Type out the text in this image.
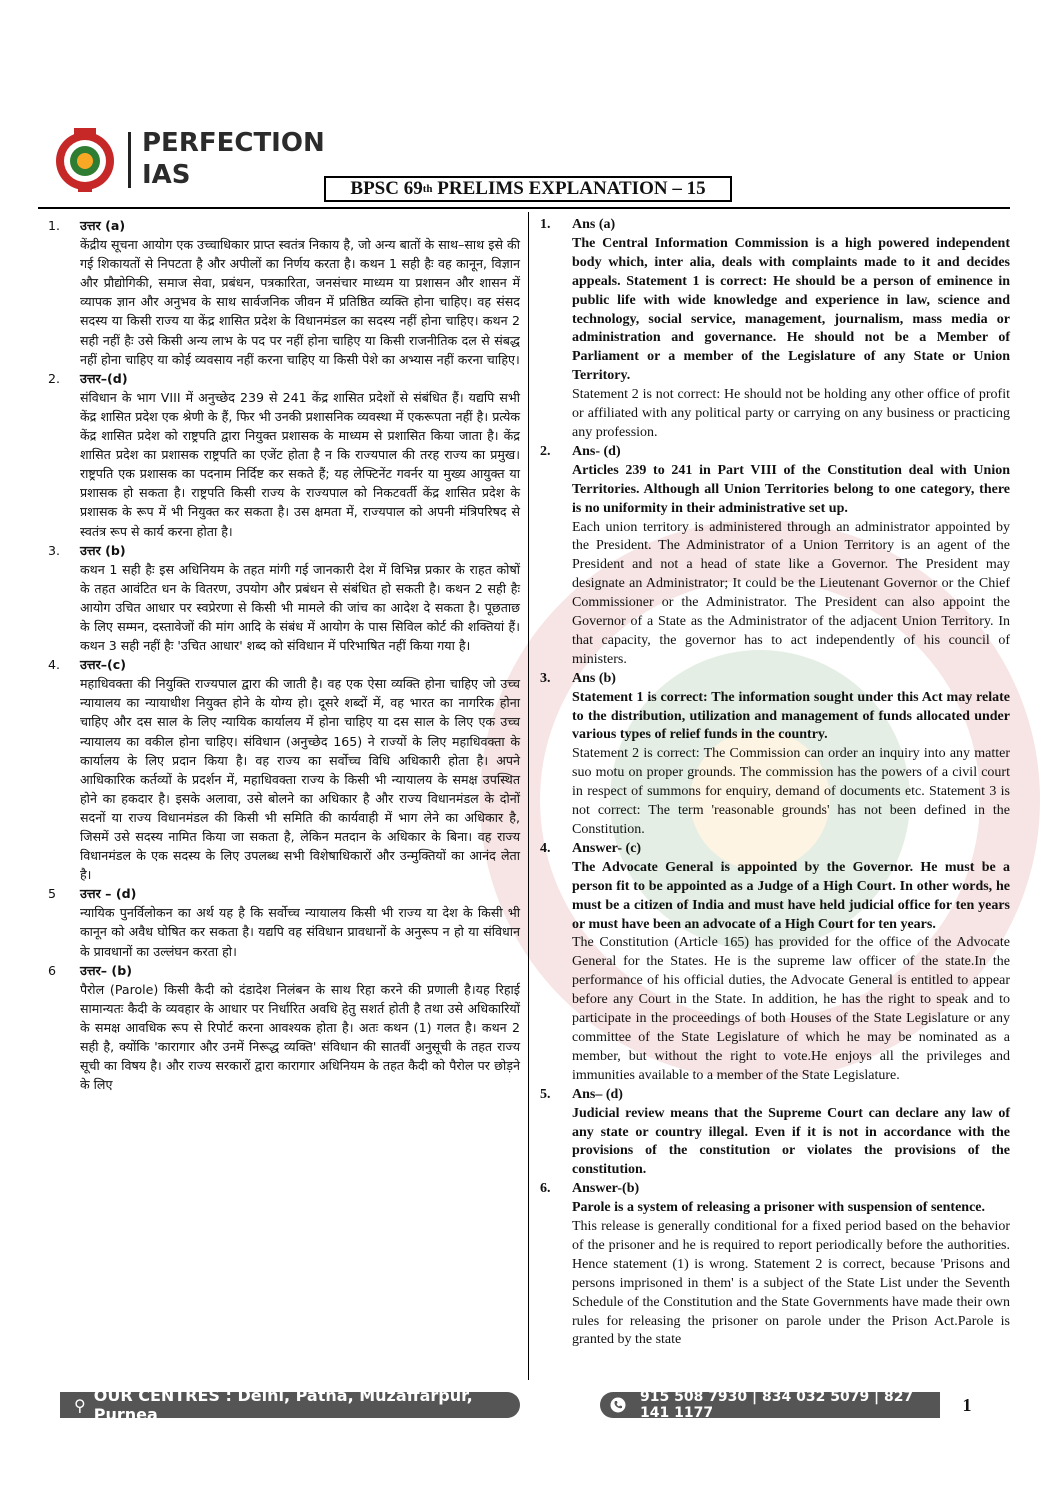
PERFECTION
IAS	BPSC 69 th PRELIMS EXPLANATION – 15
1. उत्तर (a)
केंद्रीय सूचना आयोग एक उच्चाधिकार प्राप्त स्वतंत्र निकाय है, जो अन्य बातों के साथ–साथ इसे की गई शिकायतों से निपटता है और अपीलों का निर्णय करता है। कथन 1 सही हैः वह कानून, विज्ञान और प्रौद्योगिकी, समाज सेवा, प्रबंधन, पत्रकारिता, जनसंचार माध्यम या प्रशासन और शासन में व्यापक ज्ञान और अनुभव के साथ सार्वजनिक जीवन में प्रतिष्ठित व्यक्ति होना चाहिए। वह संसद सदस्य या किसी राज्य या केंद्र शासित प्रदेश के विधानमंडल का सदस्य नहीं होना चाहिए। कथन 2 सही नहीं हैः उसे किसी अन्य लाभ के पद पर नहीं होना चाहिए या किसी राजनीतिक दल से संबद्ध नहीं होना चाहिए या कोई व्यवसाय नहीं करना चाहिए या किसी पेशे का अभ्यास नहीं करना चाहिए।
2. उत्तर–(d)
संविधान के भाग VIII में अनुच्छेद 239 से 241 केंद्र शासित प्रदेशों से संबंधित हैं। यद्यपि सभी केंद्र शासित प्रदेश एक श्रेणी के हैं, फिर भी उनकी प्रशासनिक व्यवस्था में एकरूपता नहीं है। प्रत्येक केंद्र शासित प्रदेश को राष्ट्रपति द्वारा नियुक्त प्रशासक के माध्यम से प्रशासित किया जाता है। केंद्र शासित प्रदेश का प्रशासक राष्ट्रपति का एजेंट होता है न कि राज्यपाल की तरह राज्य का प्रमुख। राष्ट्रपति एक प्रशासक का पदनाम निर्दिष्ट कर सकते हैं; यह लेफ्टिनेंट गवर्नर या मुख्य आयुक्त या प्रशासक हो सकता है। राष्ट्रपति किसी राज्य के राज्यपाल को निकटवर्ती केंद्र शासित प्रदेश के प्रशासक के रूप में भी नियुक्त कर सकता है। उस क्षमता में, राज्यपाल को अपनी मंत्रिपरिषद से स्वतंत्र रूप से कार्य करना होता है।
3. उत्तर (b)
कथन 1 सही हैः इस अधिनियम के तहत मांगी गई जानकारी देश में विभिन्न प्रकार के राहत कोषों के तहत आवंटित धन के वितरण, उपयोग और प्रबंधन से संबंधित हो सकती है। कथन 2 सही हैः आयोग उचित आधार पर स्वप्रेरणा से किसी भी मामले की जांच का आदेश दे सकता है। पूछताछ के लिए सम्मन, दस्तावेजों की मांग आदि के संबंध में आयोग के पास सिविल कोर्ट की शक्तियां हैं। कथन 3 सही नहीं हैः 'उचित आधार' शब्द को संविधान में परिभाषित नहीं किया गया है।
4. उत्तर–(c)
महाधिवक्ता की नियुक्ति राज्यपाल द्वारा की जाती है। वह एक ऐसा व्यक्ति होना चाहिए जो उच्च न्यायालय का न्यायाधीश नियुक्त होने के योग्य हो। दूसरे शब्दों में, वह भारत का नागरिक होना चाहिए और दस साल के लिए न्यायिक कार्यालय में होना चाहिए या दस साल के लिए एक उच्च न्यायालय का वकील होना चाहिए। संविधान (अनुच्छेद 165) ने राज्यों के लिए महाधिवक्ता के कार्यालय के लिए प्रदान किया है। वह राज्य का सर्वोच्च विधि अधिकारी होता है। अपने आधिकारिक कर्तव्यों के प्रदर्शन में, महाधिवक्ता राज्य के किसी भी न्यायालय के समक्ष उपस्थित होने का हकदार है। इसके अलावा, उसे बोलने का अधिकार है और राज्य विधानमंडल के दोनों सदनों या राज्य विधानमंडल की किसी भी समिति की कार्यवाही में भाग लेने का अधिकार है, जिसमें उसे सदस्य नामित किया जा सकता है, लेकिन मतदान के अधिकार के बिना। वह राज्य विधानमंडल के एक सदस्य के लिए उपलब्ध सभी विशेषाधिकारों और उन्मुक्तियों का आनंद लेता है।
5 उत्तर – (d)
न्यायिक पुनर्विलोकन का अर्थ यह है कि सर्वोच्च न्यायालय किसी भी राज्य या देश के किसी भी कानून को अवैध घोषित कर सकता है। यद्यपि वह संविधान प्रावधानों के अनुरूप न हो या संविधान के प्रावधानों का उल्लंघन करता हो।
6 उत्तर– (b)
पैरोल (Parole) किसी कैदी को दंडादेश निलंबन के साथ रिहा करने की प्रणाली है।यह रिहाई सामान्यतः कैदी के व्यवहार के आधार पर निर्धारित अवधि हेतु सशर्त होती है तथा उसे अधिकारियों के समक्ष आवधिक रूप से रिपोर्ट करना आवश्यक होता है। अतः कथन (1) गलत है। कथन 2 सही है, क्योंकि 'कारागार और उनमें निरूद्ध व्यक्ति' संविधान की सातवीं अनुसूची के तहत राज्य सूची का विषय है। और राज्य सरकारों द्वारा कारागार अधिनियम के तहत कैदी को पैरोल पर छोड़ने के लिए
1. Ans (a)
The Central Information Commission is a high powered independent body which, inter alia, deals with complaints made to it and decides appeals. Statement 1 is correct: He should be a person of eminence in public life with wide knowledge and experience in law, science and technology, social service, management, journalism, mass media or administration and governance. He should not be a Member of Parliament or a member of the Legislature of any State or Union Territory.
Statement 2 is not correct: He should not be holding any other office of profit or affiliated with any political party or carrying on any business or practicing any profession.
2. Ans- (d)
Articles 239 to 241 in Part VIII of the Constitution deal with Union Territories. Although all Union Territories belong to one category, there is no uniformity in their administrative set up.
Each union territory is administered through an administrator appointed by the President. The Administrator of a Union Territory is an agent of the President and not a head of state like a Governor. The President may designate an Administrator; It could be the Lieutenant Governor or the Chief Commissioner or the Administrator. The President can also appoint the Governor of a State as the Administrator of the adjacent Union Territory. In that capacity, the governor has to act independently of his council of ministers.
3. Ans (b)
Statement 1 is correct: The information sought under this Act may relate to the distribution, utilization and management of funds allocated under various types of relief funds in the country.
Statement 2 is correct: The Commission can order an inquiry into any matter suo motu on proper grounds. The commission has the powers of a civil court in respect of summons for enquiry, demand of documents etc. Statement 3 is not correct: The term 'reasonable grounds' has not been defined in the Constitution.
4. Answer- (c)
The Advocate General is appointed by the Governor. He must be a person fit to be appointed as a Judge of a High Court. In other words, he must be a citizen of India and must have held judicial office for ten years or must have been an advocate of a High Court for ten years.
The Constitution (Article 165) has provided for the office of the Advocate General for the States. He is the supreme law officer of the state.In the performance of his official duties, the Advocate General is entitled to appear before any Court in the State. In addition, he has the right to speak and to participate in the proceedings of both Houses of the State Legislature or any committee of the State Legislature of which he may be nominated as a member, but without the right to vote.He enjoys all the privileges and immunities available to a member of the State Legislature.
5. Ans– (d)
Judicial review means that the Supreme Court can declare any law of any state or country illegal. Even if it is not in accordance with the provisions of the constitution or violates the provisions of the constitution.
6. Answer-(b)
Parole is a system of releasing a prisoner with suspension of sentence.
This release is generally conditional for a fixed period based on the behavior of the prisoner and he is required to report periodically before the authorities. Hence statement (1) is wrong. Statement 2 is correct, because 'Prisons and persons imprisoned in them' is a subject of the State List under the Seventh Schedule of the Constitution and the State Governments have made their own rules for releasing the prisoner on parole under the Prison Act.Parole is granted by the state
⚲ OUR CENTRES : Delhi, Patna, Muzaffarpur, Purnea
915 508 7930 | 834 032 5079 | 827 141 1177	1
